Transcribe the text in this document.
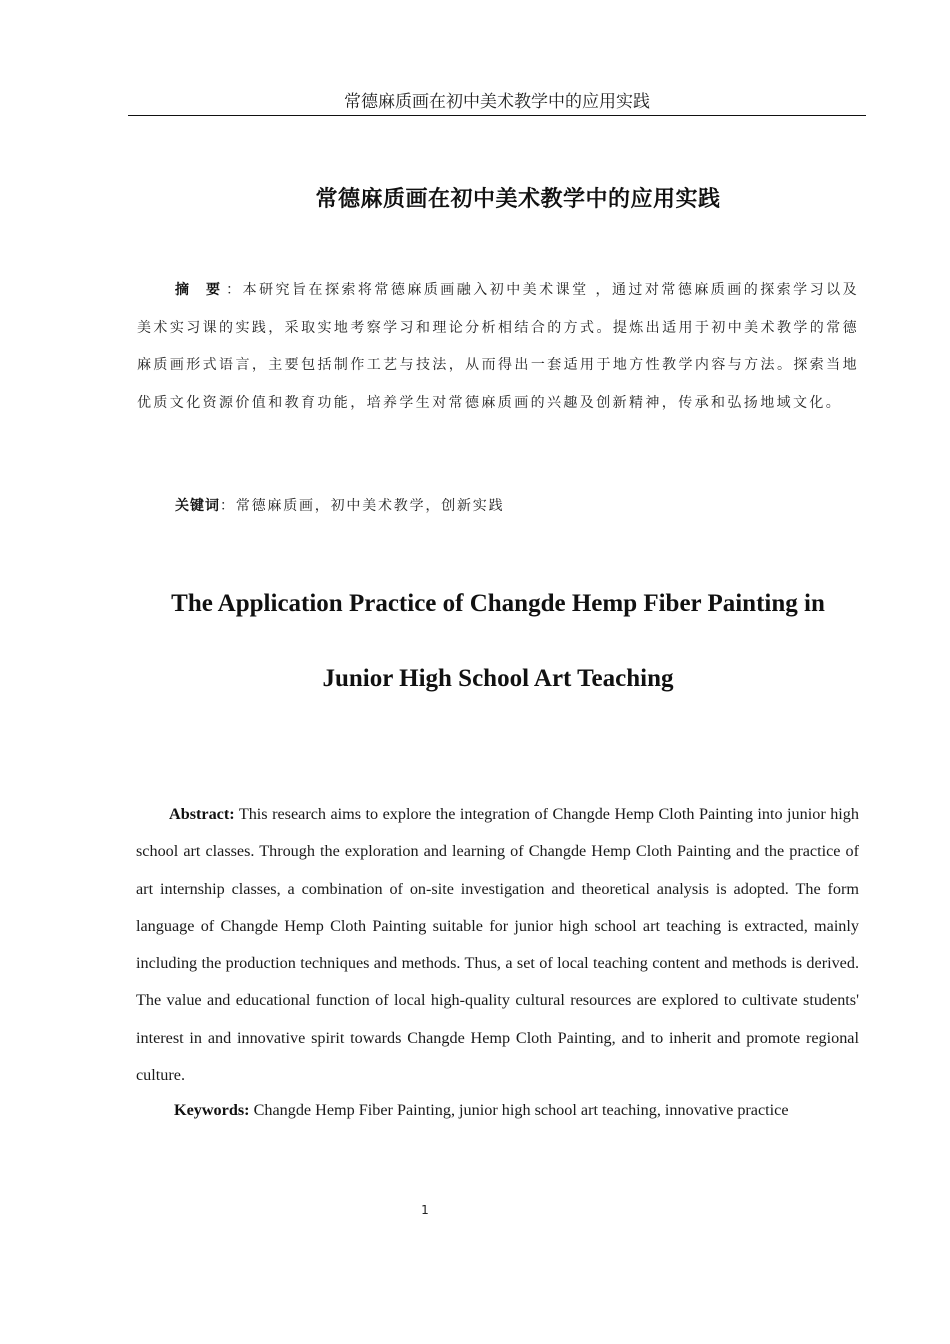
常德麻质画在初中美术教学中的应用实践
常德麻质画在初中美术教学中的应用实践
摘 要：本研究旨在探索将常德麻质画融入初中美术课堂 ，通过对常德麻质画的探索学习以及美术实习课的实践，采取实地考察学习和理论分析相结合的方式。提炼出适用于初中美术教学的常德麻质画形式语言，主要包括制作工艺与技法，从而得出一套适用于地方性教学内容与方法。探索当地优质文化资源价值和教育功能，培养学生对常德麻质画的兴趣及创新精神，传承和弘扬地域文化。
关键词：常德麻质画，初中美术教学，创新实践
The Application Practice of Changde Hemp Fiber Painting in
Junior High School Art Teaching
Abstract: This research aims to explore the integration of Changde Hemp Cloth Painting into junior high school art classes. Through the exploration and learning of Changde Hemp Cloth Painting and the practice of art internship classes, a combination of on-site investigation and theoretical analysis is adopted. The form language of Changde Hemp Cloth Painting suitable for junior high school art teaching is extracted, mainly including the production techniques and methods. Thus, a set of local teaching content and methods is derived. The value and educational function of local high-quality cultural resources are explored to cultivate students' interest in and innovative spirit towards Changde Hemp Cloth Painting, and to inherit and promote regional culture.
Keywords: Changde Hemp Fiber Painting, junior high school art teaching, innovative practice
1
